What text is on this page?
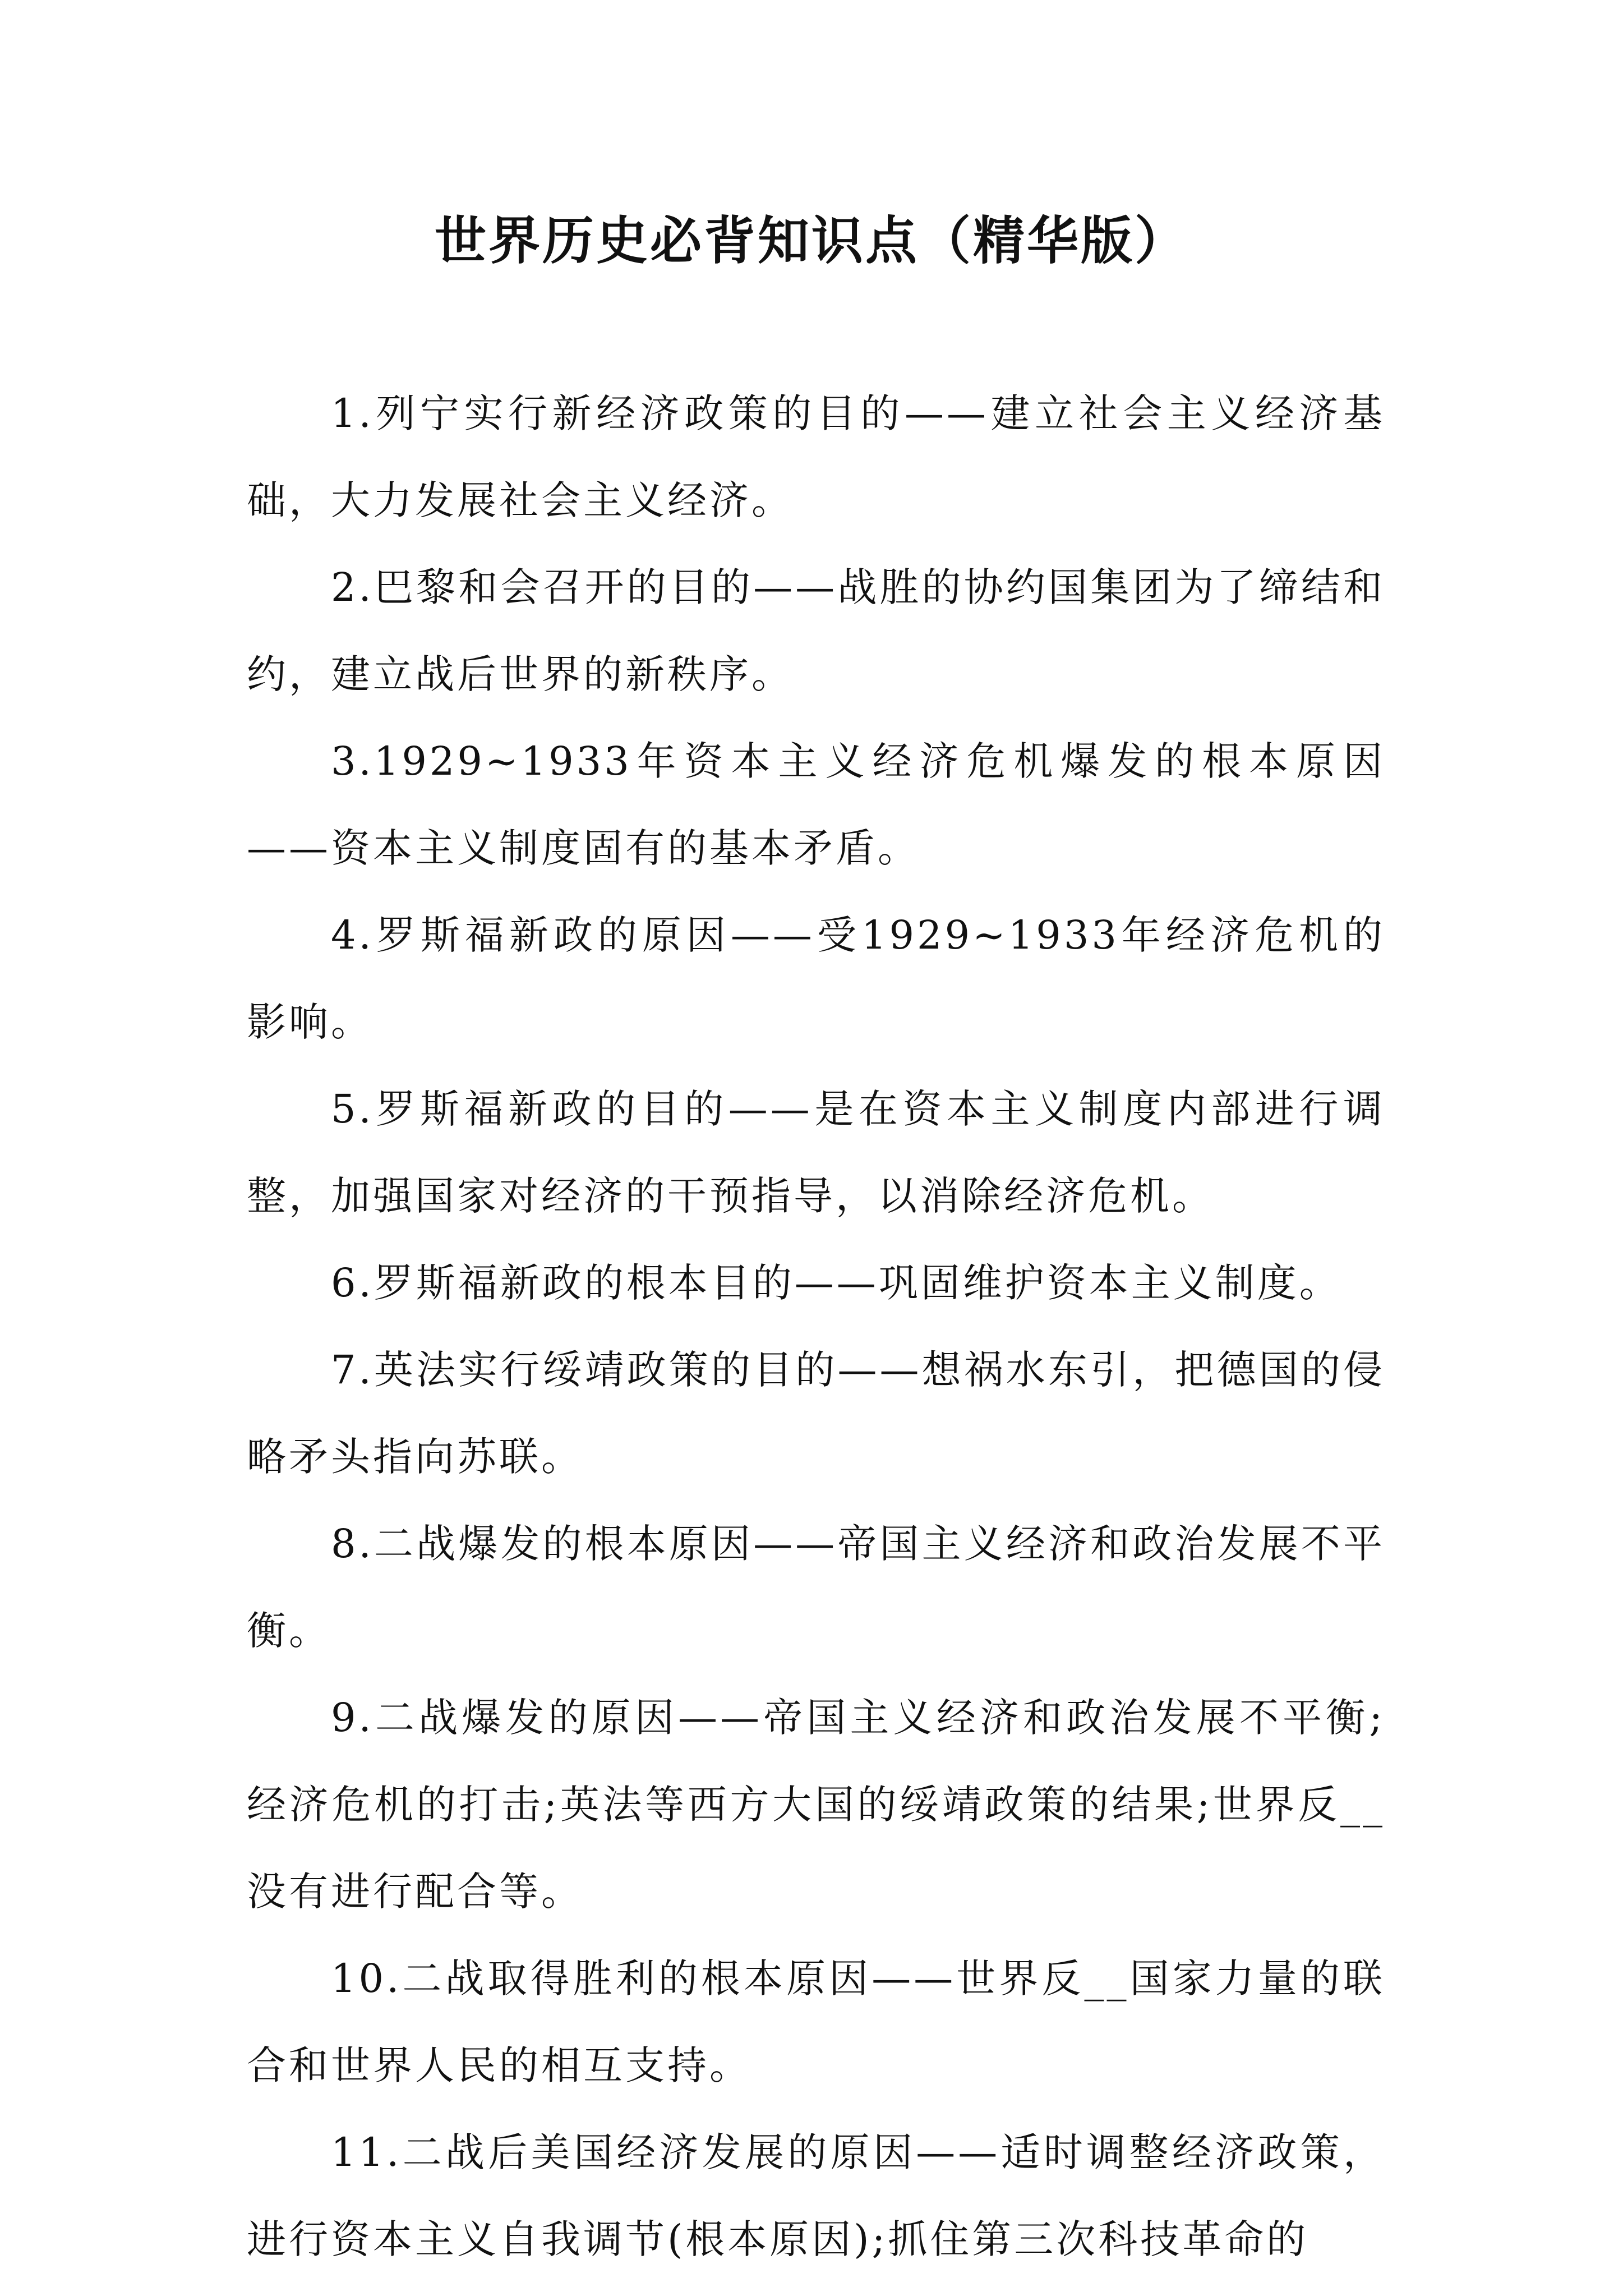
世界历史必背知识点（精华版）

1.列宁实行新经济政策的目的——建立社会主义经济基础，大力发展社会主义经济。

2.巴黎和会召开的目的——战胜的协约国集团为了缔结和约，建立战后世界的新秩序。

3.1929~1933年资本主义经济危机爆发的根本原因——资本主义制度固有的基本矛盾。

4.罗斯福新政的原因——受1929~1933年经济危机的影响。

5.罗斯福新政的目的——是在资本主义制度内部进行调整，加强国家对经济的干预指导，以消除经济危机。

6.罗斯福新政的根本目的——巩固维护资本主义制度。

7.英法实行绥靖政策的目的——想祸水东引，把德国的侵略矛头指向苏联。

8.二战爆发的根本原因——帝国主义经济和政治发展不平衡。

9.二战爆发的原因——帝国主义经济和政治发展不平衡;经济危机的打击;英法等西方大国的绥靖政策的结果;世界反__没有进行配合等。

10.二战取得胜利的根本原因——世界反__国家力量的联合和世界人民的相互支持。

11.二战后美国经济发展的原因——适时调整经济政策，进行资本主义自我调节(根本原因);抓住第三次科技革命的
